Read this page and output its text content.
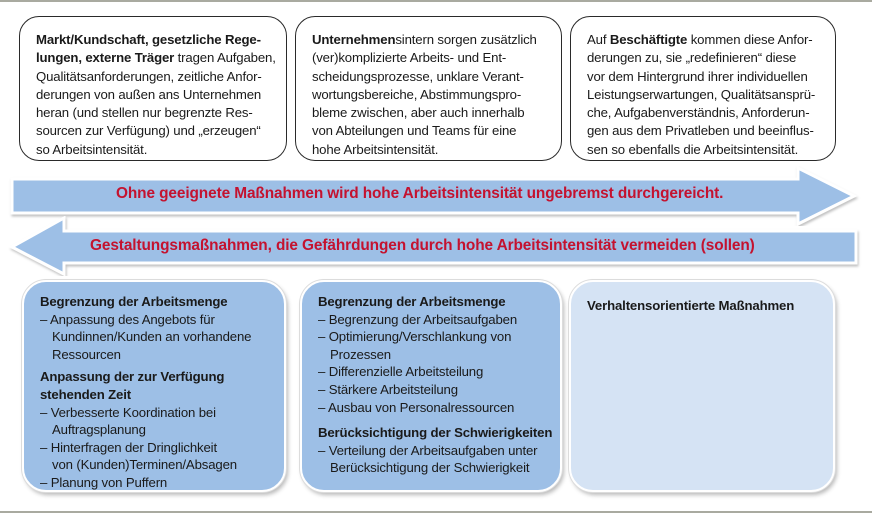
Markt/Kundschaft, gesetzliche Rege-
lungen, externe Träger tragen Aufgaben,
Qualitätsanforderungen, zeitliche Anfor-
derungen von außen ans Unternehmen
heran (und stellen nur begrenzte Res-
sourcen zur Verfügung) und „erzeugen“
so Arbeitsintensität.
Unternehmensintern sorgen zusätzlich
(ver)komplizierte Arbeits- und Ent-
scheidungsprozesse, unklare Verant-
wortungsbereiche, Abstimmungspro-
bleme zwischen, aber auch innerhalb
von Abteilungen und Teams für eine
hohe Arbeitsintensität.
Auf Beschäftigte kommen diese Anfor-
derungen zu, sie „redefinieren“ diese
vor dem Hintergrund ihrer individuellen
Leistungserwartungen, Qualitätsansprü-
che, Aufgabenverständnis, Anforderun-
gen aus dem Privatleben und beeinflus-
sen so ebenfalls die Arbeitsintensität.
Ohne geeignete Maßnahmen wird hohe Arbeitsintensität ungebremst durchgereicht.
Gestaltungsmaßnahmen, die Gefährdungen durch hohe Arbeitsintensität vermeiden (sollen)
Begrenzung der Arbeitsmenge
– Anpassung des Angebots für
Kundinnen/Kunden an vorhandene
Ressourcen
Anpassung der zur Verfügung
stehenden Zeit
– Verbesserte Koordination bei
Auftragsplanung
– Hinterfragen der Dringlichkeit
von (Kunden)Terminen/Absagen
– Planung von Puffern
Begrenzung der Arbeitsmenge
– Begrenzung der Arbeitsaufgaben
– Optimierung/Verschlankung von
Prozessen
– Differenzielle Arbeitsteilung
– Stärkere Arbeitsteilung
– Ausbau von Personalressourcen
Berücksichtigung der Schwierigkeiten
– Verteilung der Arbeitsaufgaben unter
Berücksichtigung der Schwierigkeit
Verhaltensorientierte Maßnahmen
